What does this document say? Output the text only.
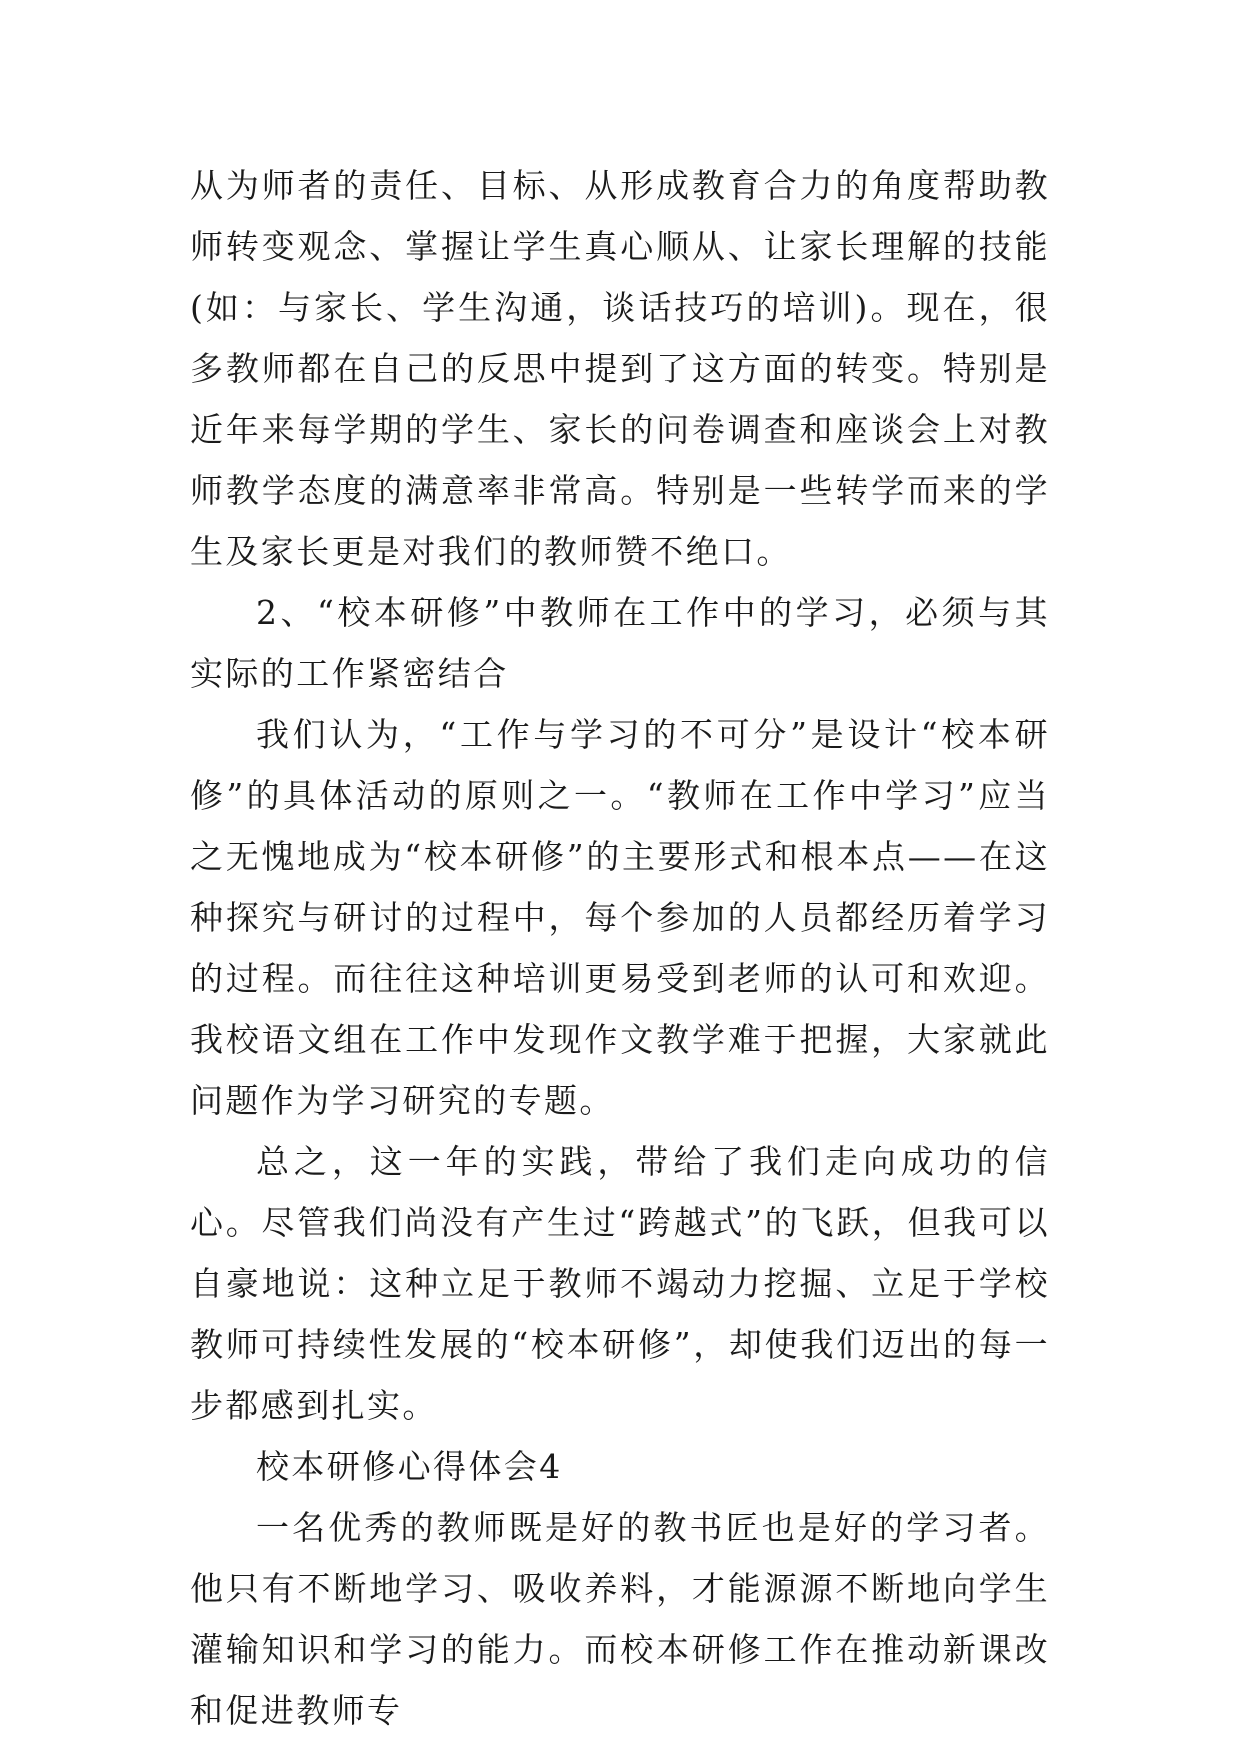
从为师者的责任、目标、从形成教育合力的角度帮助教师转变观念、掌握让学生真心顺从、让家长理解的技能(如：与家长、学生沟通，谈话技巧的培训)。现在，很多教师都在自己的反思中提到了这方面的转变。特别是近年来每学期的学生、家长的问卷调查和座谈会上对教师教学态度的满意率非常高。特别是一些转学而来的学生及家长更是对我们的教师赞不绝口。

2、“校本研修”中教师在工作中的学习，必须与其实际的工作紧密结合

我们认为，“工作与学习的不可分”是设计“校本研修”的具体活动的原则之一。“教师在工作中学习”应当之无愧地成为“校本研修”的主要形式和根本点——在这种探究与研讨的过程中，每个参加的人员都经历着学习的过程。而往往这种培训更易受到老师的认可和欢迎。我校语文组在工作中发现作文教学难于把握，大家就此问题作为学习研究的专题。

总之，这一年的实践，带给了我们走向成功的信心。尽管我们尚没有产生过“跨越式”的飞跃，但我可以自豪地说：这种立足于教师不竭动力挖掘、立足于学校教师可持续性发展的“校本研修”，却使我们迈出的每一步都感到扎实。

校本研修心得体会4

一名优秀的教师既是好的教书匠也是好的学习者。他只有不断地学习、吸收养料，才能源源不断地向学生灌输知识和学习的能力。而校本研修工作在推动新课改和促进教师专
